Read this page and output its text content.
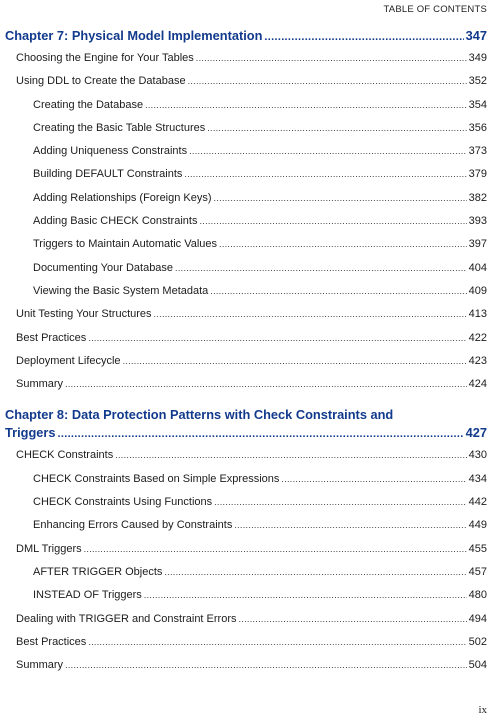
TABLE OF CONTENTS
Chapter 7: Physical Model Implementation .....	347
Choosing the Engine for Your Tables .....	349
Using DDL to Create the Database .....	352
Creating the Database .....	354
Creating the Basic Table Structures .....	356
Adding Uniqueness Constraints .....	373
Building DEFAULT Constraints .....	379
Adding Relationships (Foreign Keys) .....	382
Adding Basic CHECK Constraints .....	393
Triggers to Maintain Automatic Values .....	397
Documenting Your Database .....	404
Viewing the Basic System Metadata .....	409
Unit Testing Your Structures .....	413
Best Practices .....	422
Deployment Lifecycle .....	423
Summary .....	424
Chapter 8: Data Protection Patterns with Check Constraints and
Triggers .....	427
CHECK Constraints .....	430
CHECK Constraints Based on Simple Expressions .....	434
CHECK Constraints Using Functions .....	442
Enhancing Errors Caused by Constraints .....	449
DML Triggers .....	455
AFTER TRIGGER Objects .....	457
INSTEAD OF Triggers .....	480
Dealing with TRIGGER and Constraint Errors .....	494
Best Practices .....	502
Summary .....	504
ix
